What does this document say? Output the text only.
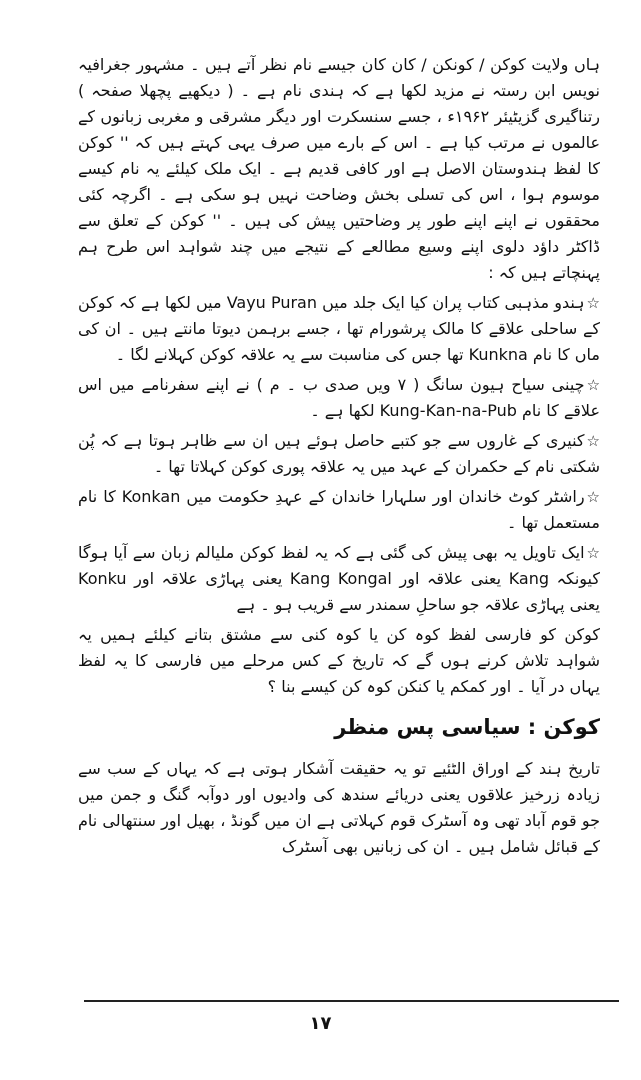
ہاں ولایت کوکن / کونکن / کان کان جیسے نام نظر آتے ہیں ۔ مشہور جغرافیہ نویس ابن رستہ نے مزید لکھا ہے کہ ہندی نام ہے ۔ ( دیکھیے پچھلا صفحہ ) رتناگیری گزیٹیئر ۱۹۶۲ء ، جسے سنسکرت اور دیگر مشرقی و مغربی زبانوں کے عالموں نے مرتب کیا ہے ۔ اس کے بارے میں صرف یہی کہتے ہیں کہ '' کوکن کا لفظ ہندوستان الاصل ہے اور کافی قدیم ہے ۔ ایک ملک کیلئے یہ نام کیسے موسوم ہوا ، اس کی تسلی بخش وضاحت نہیں ہو سکی ہے ۔ اگرچہ کئی محققوں نے اپنے اپنے طور پر وضاحتیں پیش کی ہیں ۔ '' کوکن کے تعلق سے ڈاکٹر داؤد دلوی اپنے وسیع مطالعے کے نتیجے میں چند شواہد اس طرح ہم پہنچاتے ہیں کہ :

☆ہندو مذہبی کتاب پران کیا ایک جلد میں Vayu Puran میں لکھا ہے کہ کوکن کے ساحلی علاقے کا مالک پرشورام تھا ، جسے برہمن دیوتا مانتے ہیں ۔ ان کی ماں کا نام Kunkna تھا جس کی مناسبت سے یہ علاقہ کوکن کہلانے لگا ۔

☆چینی سیاح ہیون سانگ ( ۷ ویں صدی ب ۔ م ) نے اپنے سفرنامے میں اس علاقے کا نام Kung-Kan-na-Pub لکھا ہے ۔

☆کنیری کے غاروں سے جو کتبے حاصل ہوئے ہیں ان سے ظاہر ہوتا ہے کہ پُن شکتی نام کے حکمران کے عہد میں یہ علاقہ پوری کوکن کہلاتا تھا ۔

☆راشٹر کوٹ خاندان اور سلہارا خاندان کے عہدِ حکومت میں Konkan کا نام مستعمل تھا ۔

☆ایک تاویل یہ بھی پیش کی گئی ہے کہ یہ لفظ کوکن ملیالم زبان سے آیا ہوگا کیونکہ Kang یعنی علاقہ اور Kang Kongal یعنی پہاڑی علاقہ اور Konku یعنی پہاڑی علاقہ جو ساحلِ سمندر سے قریب ہو ۔ ہے

کوکن کو فارسی لفظ کوہ کن یا کوہ کنی سے مشتق بتانے کیلئے ہمیں یہ شواہد تلاش کرنے ہوں گے کہ تاریخ کے کس مرحلے میں فارسی کا یہ لفظ یہاں در آیا ۔ اور کمکم یا کنکن کوہ کن کیسے بنا ؟

کوکن : سیاسی پس منظر

تاریخ ہند کے اوراق الٹئیے تو یہ حقیقت آشکار ہوتی ہے کہ یہاں کے سب سے زیادہ زرخیز علاقوں یعنی دریائے سندھ کی وادیوں اور دوآبہ گنگ و جمن میں جو قوم آباد تھی وہ آسٹرک قوم کہلاتی ہے ان میں گونڈ ، بھیل اور سنتھالی نام کے قبائل شامل ہیں ۔ ان کی زبانیں بھی آسٹرک

۱۷
